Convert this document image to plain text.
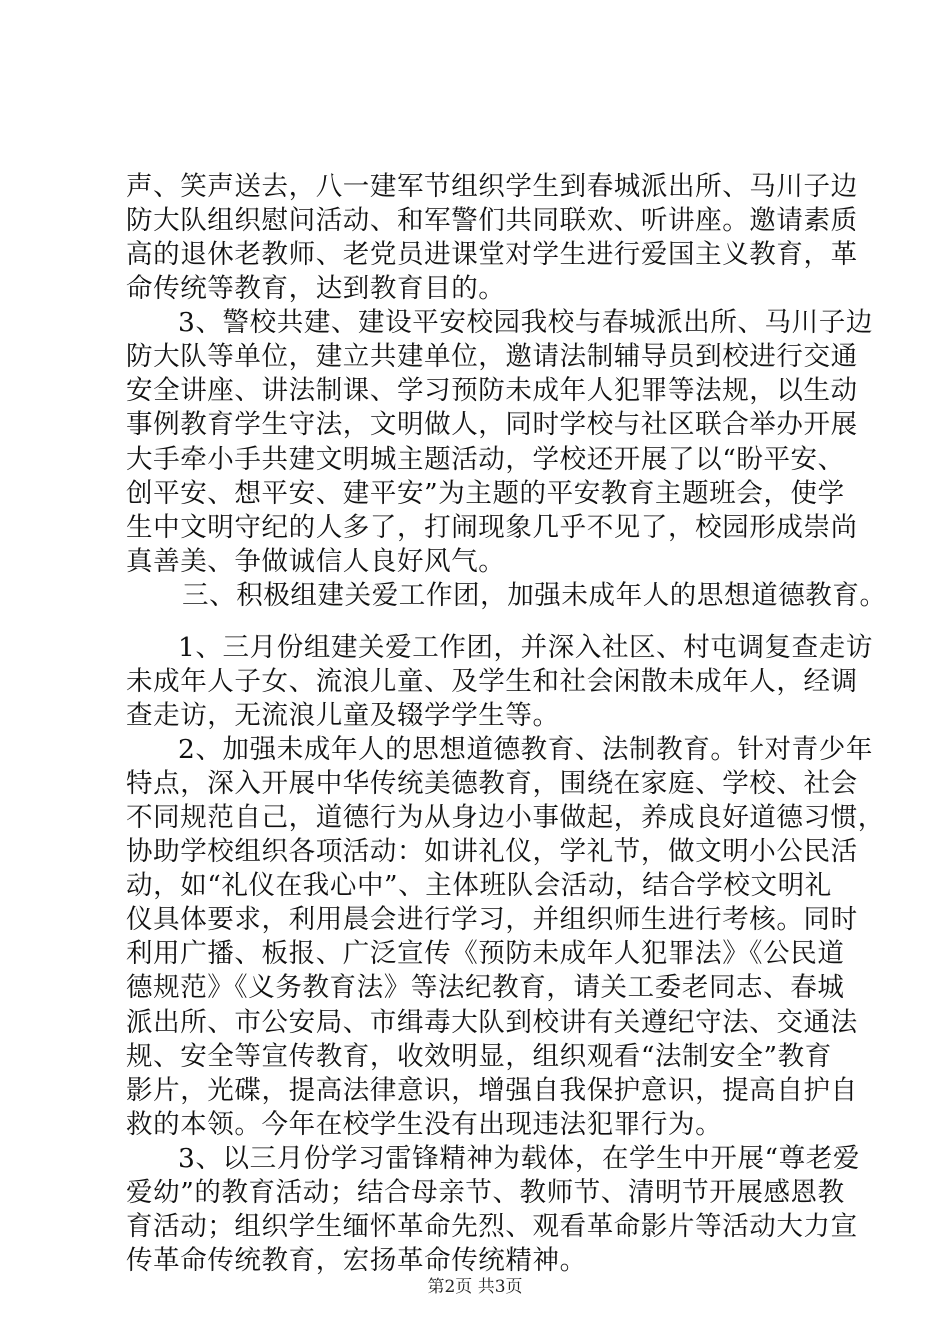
声、笑声送去，八一建军节组织学生到春城派出所、马川子边
防大队组织慰问活动、和军警们共同联欢、听讲座。邀请素质
高的退休老教师、老党员进课堂对学生进行爱国主义教育，革
命传统等教育，达到教育目的。
3、警校共建、建设平安校园我校与春城派出所、马川子边
防大队等单位，建立共建单位，邀请法制辅导员到校进行交通
安全讲座、讲法制课、学习预防未成年人犯罪等法规，以生动
事例教育学生守法，文明做人，同时学校与社区联合举办开展
大手牵小手共建文明城主题活动，学校还开展了以“盼平安、
创平安、想平安、建平安”为主题的平安教育主题班会，使学
生中文明守纪的人多了，打闹现象几乎不见了，校园形成崇尚
真善美、争做诚信人良好风气。
三、积极组建关爱工作团，加强未成年人的思想道德教育。
1、三月份组建关爱工作团，并深入社区、村屯调复查走访
未成年人子女、流浪儿童、及学生和社会闲散未成年人，经调
查走访，无流浪儿童及辍学学生等。
2、加强未成年人的思想道德教育、法制教育。针对青少年
特点，深入开展中华传统美德教育，围绕在家庭、学校、社会
不同规范自己，道德行为从身边小事做起，养成良好道德习惯，
协助学校组织各项活动：如讲礼仪，学礼节，做文明小公民活
动，如“礼仪在我心中”、主体班队会活动，结合学校文明礼
仪具体要求，利用晨会进行学习，并组织师生进行考核。同时
利用广播、板报、广泛宣传《预防未成年人犯罪法》《公民道
德规范》《义务教育法》等法纪教育，请关工委老同志、春城
派出所、市公安局、市缉毒大队到校讲有关遵纪守法、交通法
规、安全等宣传教育，收效明显，组织观看“法制安全”教育
影片，光碟，提高法律意识，增强自我保护意识，提高自护自
救的本领。今年在校学生没有出现违法犯罪行为。
3、以三月份学习雷锋精神为载体，在学生中开展“尊老爱
爱幼”的教育活动；结合母亲节、教师节、清明节开展感恩教
育活动；组织学生缅怀革命先烈、观看革命影片等活动大力宣
传革命传统教育，宏扬革命传统精神。
第2页 共3页
